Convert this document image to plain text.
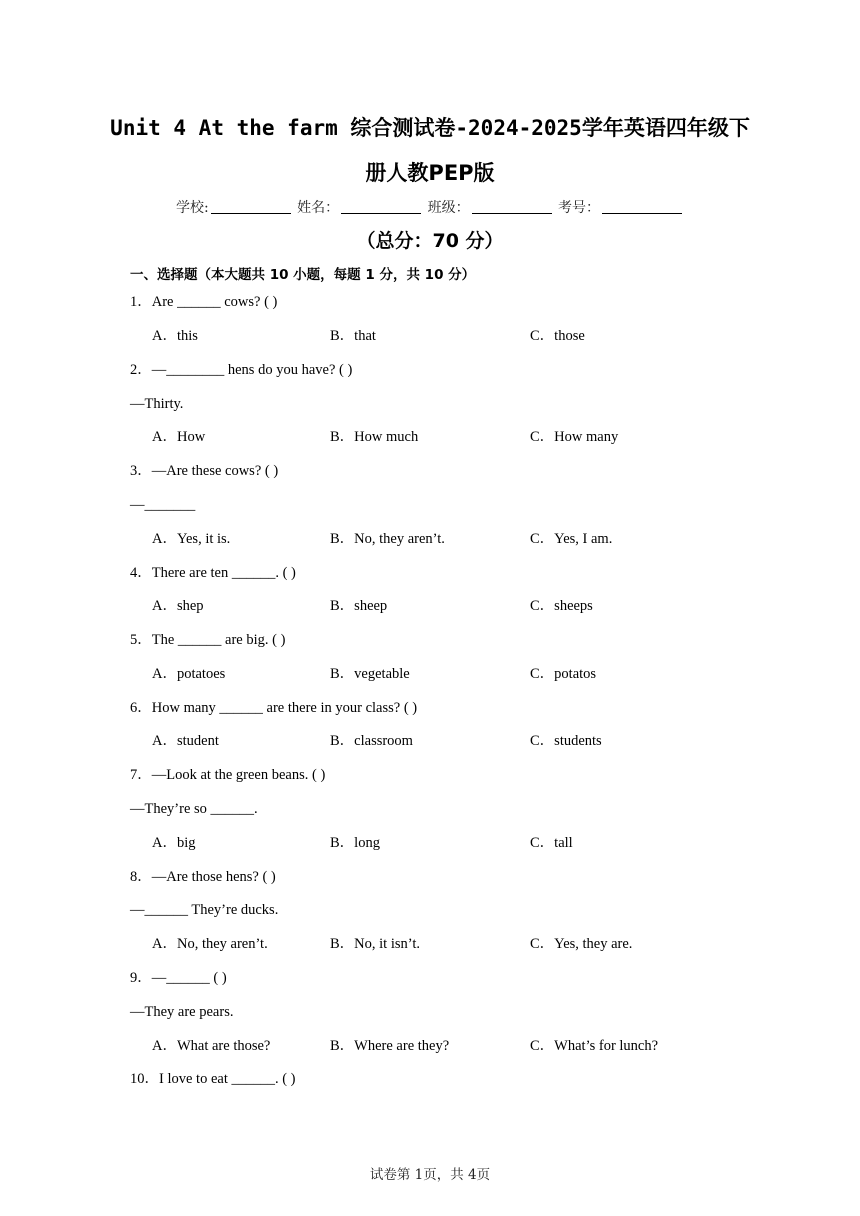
Unit 4 At the farm 综合测试卷-2024-2025学年英语四年级下
册人教PEP版
学校:	姓名：	班级：	考号：
（总分：70 分）
一、选择题（本大题共 10 小题，每题 1 分，共 10 分）
1．Are ______ cows? ( )
A．this	B．that	C．those
2．—________ hens do you have? ( )
—Thirty.
A．How	B．How much	C．How many
3．—Are these cows? ( )
—_______
A．Yes, it is.	B．No, they aren’t.	C．Yes, I am.
4．There are ten ______. ( )
A．shep	B．sheep	C．sheeps
5．The ______ are big. ( )
A．potatoes	B．vegetable	C．potatos
6．How many ______ are there in your class? ( )
A．student	B．classroom	C．students
7．—Look at the green beans. ( )
—They’re so ______.
A．big	B．long	C．tall
8．—Are those hens? ( )
—______ They’re ducks.
A．No, they aren’t.	B．No, it isn’t.	C．Yes, they are.
9．—______ ( )
—They are pears.
A．What are those?	B．Where are they?	C．What’s for lunch?
10．I love to eat ______. ( )
试卷第 1页，共 4页
